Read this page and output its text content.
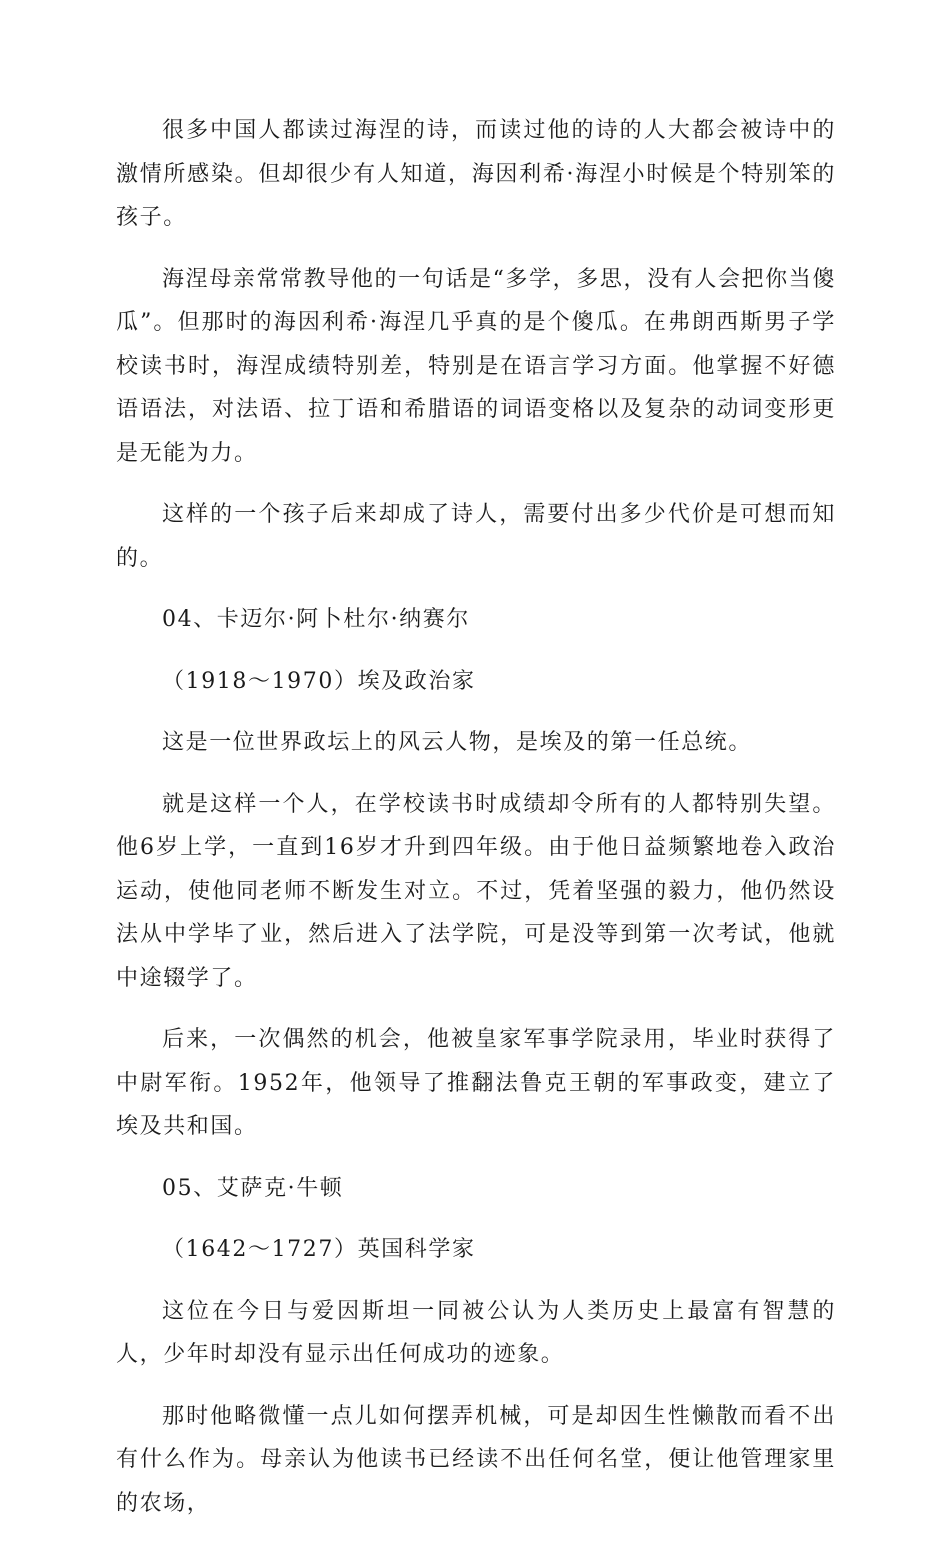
很多中国人都读过海涅的诗，而读过他的诗的人大都会被诗中的激情所感染。但却很少有人知道，海因利希·海涅小时候是个特别笨的孩子。

海涅母亲常常教导他的一句话是“多学，多思，没有人会把你当傻瓜”。但那时的海因利希·海涅几乎真的是个傻瓜。在弗朗西斯男子学校读书时，海涅成绩特别差，特别是在语言学习方面。他掌握不好德语语法，对法语、拉丁语和希腊语的词语变格以及复杂的动词变形更是无能为力。

这样的一个孩子后来却成了诗人，需要付出多少代价是可想而知的。

04、卡迈尔·阿卜杜尔·纳赛尔

（1918～1970）埃及政治家

这是一位世界政坛上的风云人物，是埃及的第一任总统。

就是这样一个人，在学校读书时成绩却令所有的人都特别失望。他6岁上学，一直到16岁才升到四年级。由于他日益频繁地卷入政治运动，使他同老师不断发生对立。不过，凭着坚强的毅力，他仍然设法从中学毕了业，然后进入了法学院，可是没等到第一次考试，他就中途辍学了。

后来，一次偶然的机会，他被皇家军事学院录用，毕业时获得了中尉军衔。1952年，他领导了推翻法鲁克王朝的军事政变，建立了埃及共和国。

05、艾萨克·牛顿

（1642～1727）英国科学家

这位在今日与爱因斯坦一同被公认为人类历史上最富有智慧的人，少年时却没有显示出任何成功的迹象。

那时他略微懂一点儿如何摆弄机械，可是却因生性懒散而看不出有什么作为。母亲认为他读书已经读不出任何名堂，便让他管理家里的农场，
